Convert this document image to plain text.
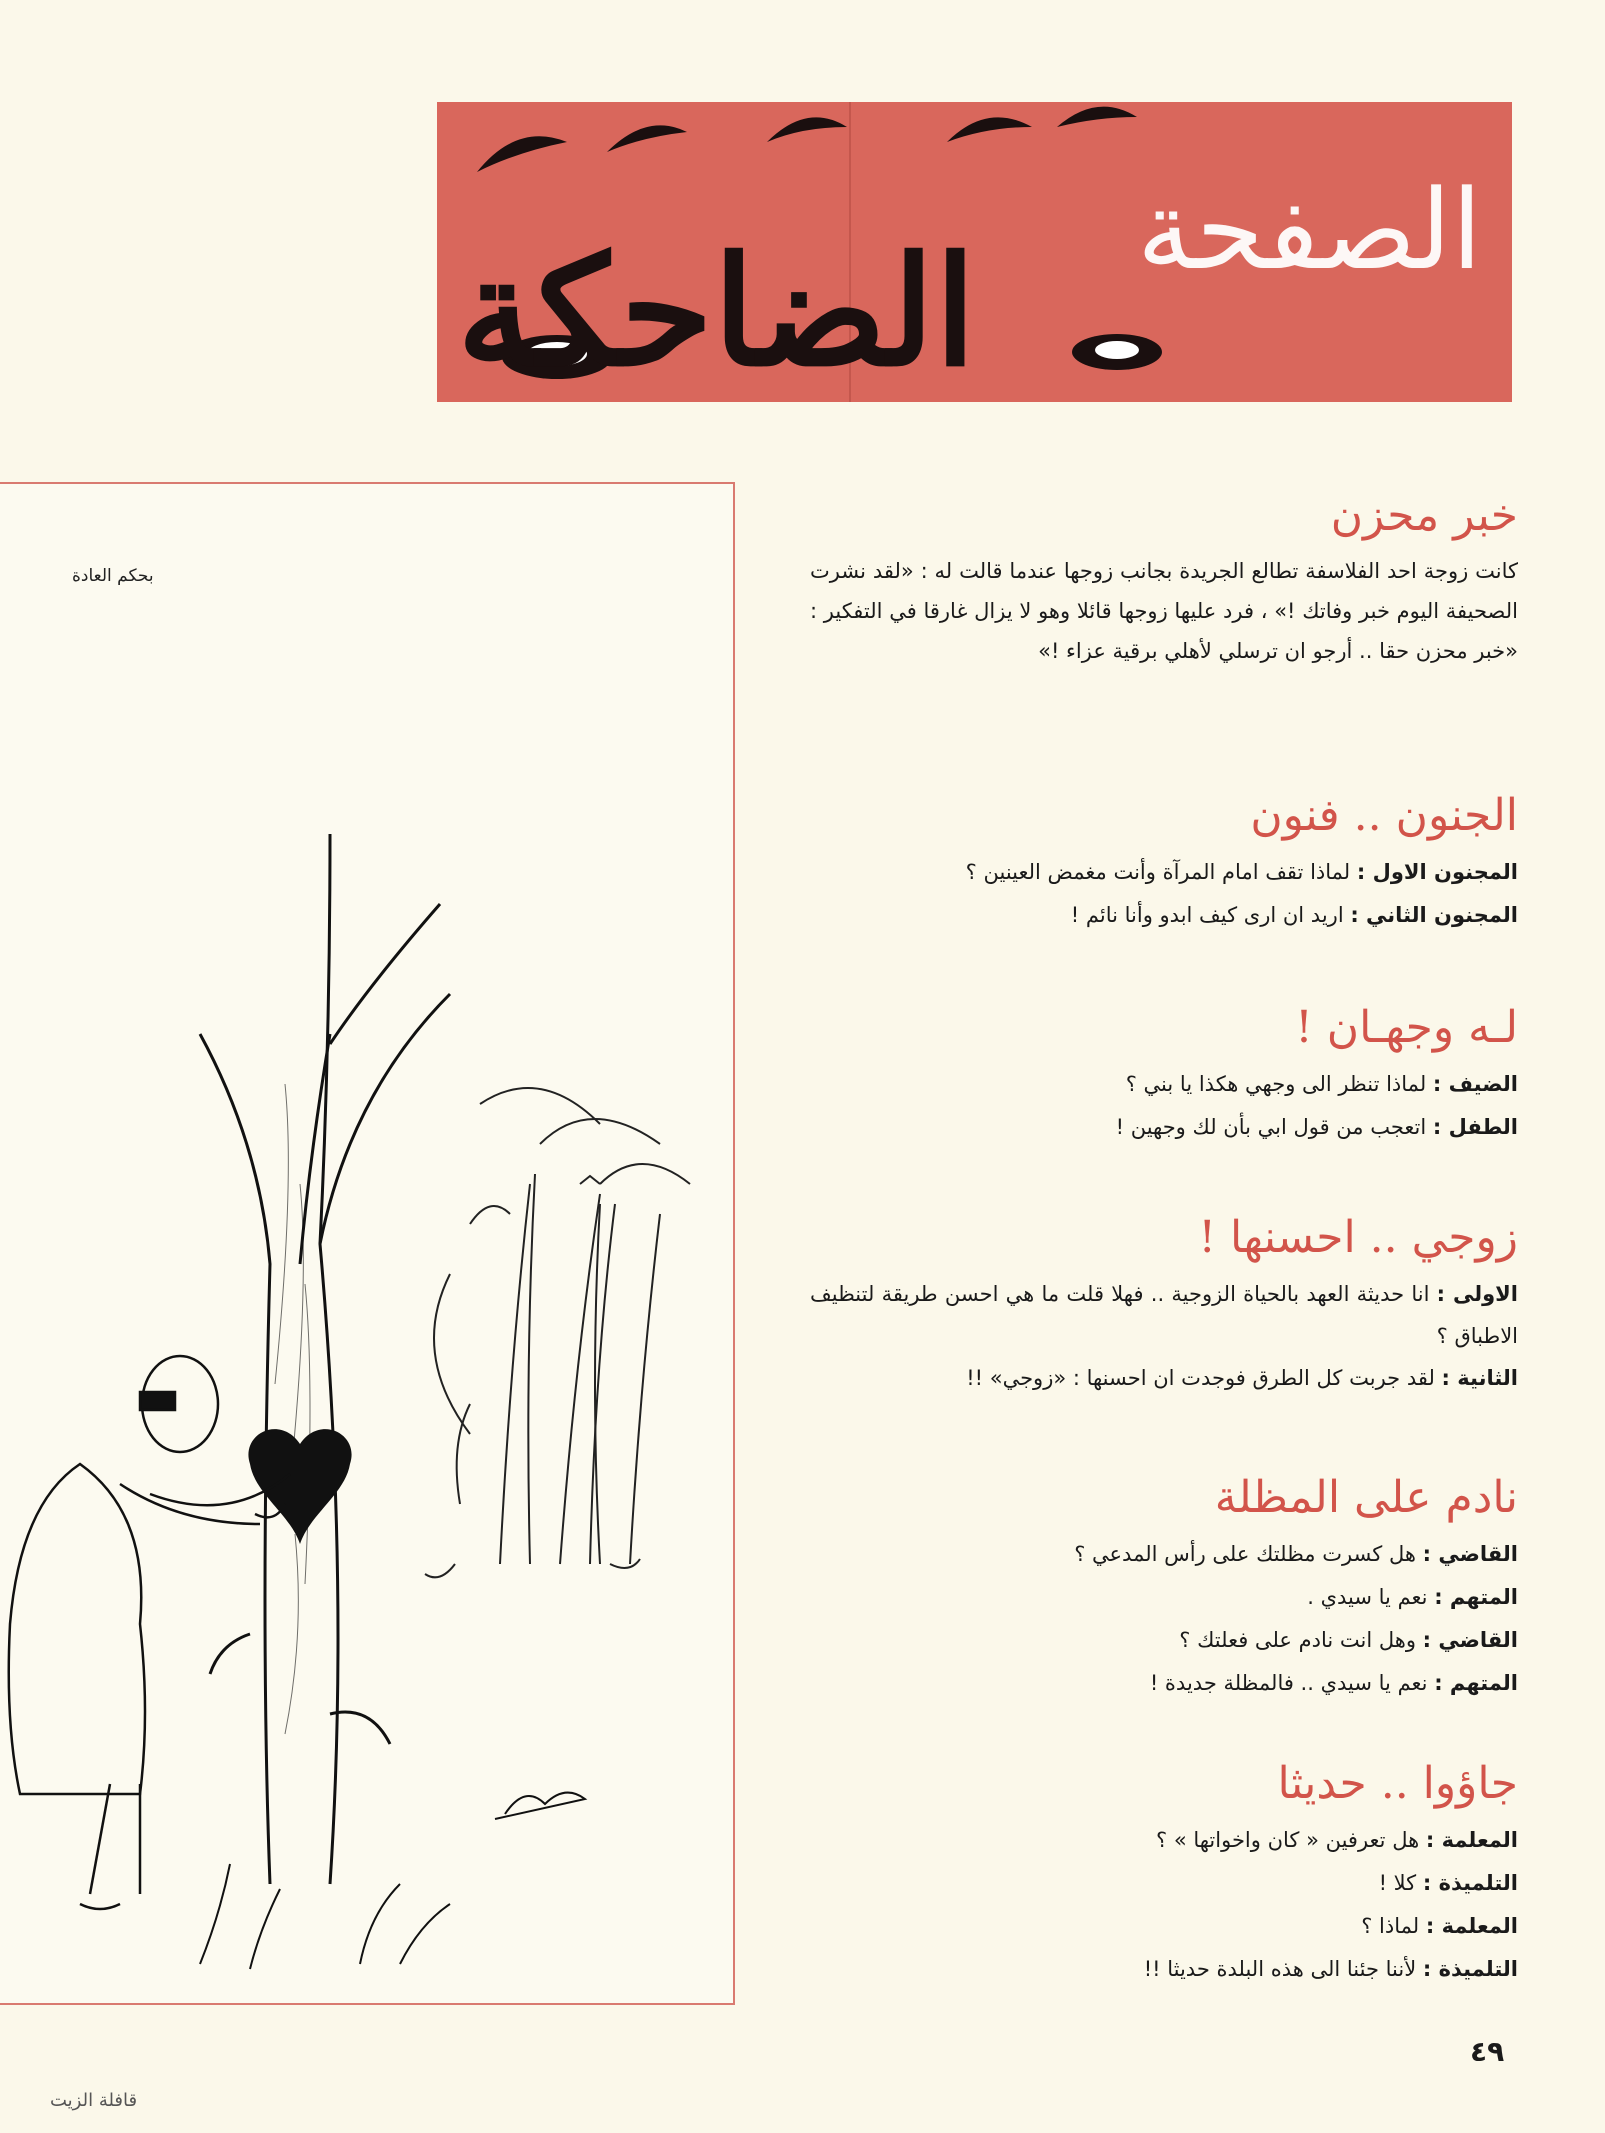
الصفحة
الضاحكة
بحكم العادة
خبر محزن

كانت زوجة احد الفلاسفة تطالع الجريدة بجانب زوجها عندما قالت له : «لقد نشرت الصحيفة اليوم خبر وفاتك !» ، فرد عليها زوجها قائلا وهو لا يزال غارقا في التفكير : «خبر محزن حقا .. أرجو ان ترسلي لأهلي برقية عزاء !»

الجنون .. فنون

المجنون الاول : لماذا تقف امام المرآة وأنت مغمض العينين ؟

المجنون الثاني : اريد ان ارى كيف ابدو وأنا نائم !

لـه وجهـان !

الضيف : لماذا تنظر الى وجهي هكذا يا بني ؟

الطفل : اتعجب من قول ابي بأن لك وجهين !

زوجي .. احسنها !

الاولى : انا حديثة العهد بالحياة الزوجية .. فهلا قلت ما هي احسن طريقة لتنظيف الاطباق ؟

الثانية : لقد جربت كل الطرق فوجدت ان احسنها : «زوجي» !!

نادم على المظلة

القاضي : هل كسرت مظلتك على رأس المدعي ؟

المتهم : نعم يا سيدي .

القاضي : وهل انت نادم على فعلتك ؟

المتهم : نعم يا سيدي .. فالمظلة جديدة !

جاؤوا .. حديثا

المعلمة : هل تعرفين « كان واخواتها » ؟

التلميذة : كلا !

المعلمة : لماذا ؟

التلميذة : لأننا جئنا الى هذه البلدة حديثا !!

٤٩
قافلة الزيت
